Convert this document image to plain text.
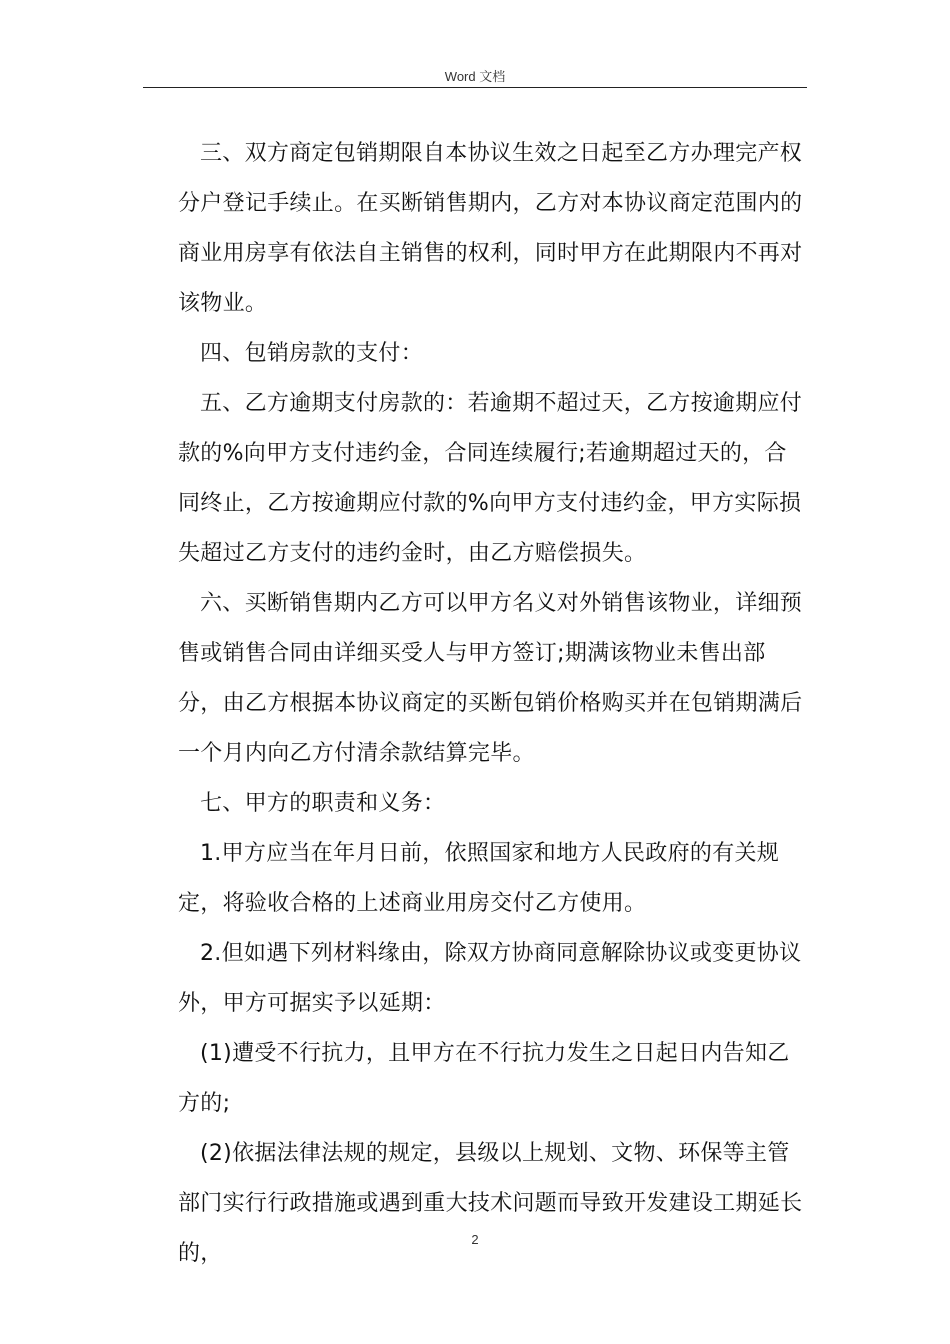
Word 文档

三、双方商定包销期限自本协议生效之日起至乙方办理完产权分户登记手续止。在买断销售期内，乙方对本协议商定范围内的商业用房享有依法自主销售的权利，同时甲方在此期限内不再对该物业。

四、包销房款的支付：

五、乙方逾期支付房款的：若逾期不超过天，乙方按逾期应付款的%向甲方支付违约金，合同连续履行;若逾期超过天的，合同终止，乙方按逾期应付款的%向甲方支付违约金，甲方实际损失超过乙方支付的违约金时，由乙方赔偿损失。

六、买断销售期内乙方可以甲方名义对外销售该物业，详细预售或销售合同由详细买受人与甲方签订;期满该物业未售出部分，由乙方根据本协议商定的买断包销价格购买并在包销期满后一个月内向乙方付清余款结算完毕。

七、甲方的职责和义务：

1.甲方应当在年月日前，依照国家和地方人民政府的有关规定，将验收合格的上述商业用房交付乙方使用。

2.但如遇下列材料缘由，除双方协商同意解除协议或变更协议外，甲方可据实予以延期：

(1)遭受不行抗力，且甲方在不行抗力发生之日起日内告知乙方的;

(2)依据法律法规的规定，县级以上规划、文物、环保等主管部门实行行政措施或遇到重大技术问题而导致开发建设工期延长的，

2
